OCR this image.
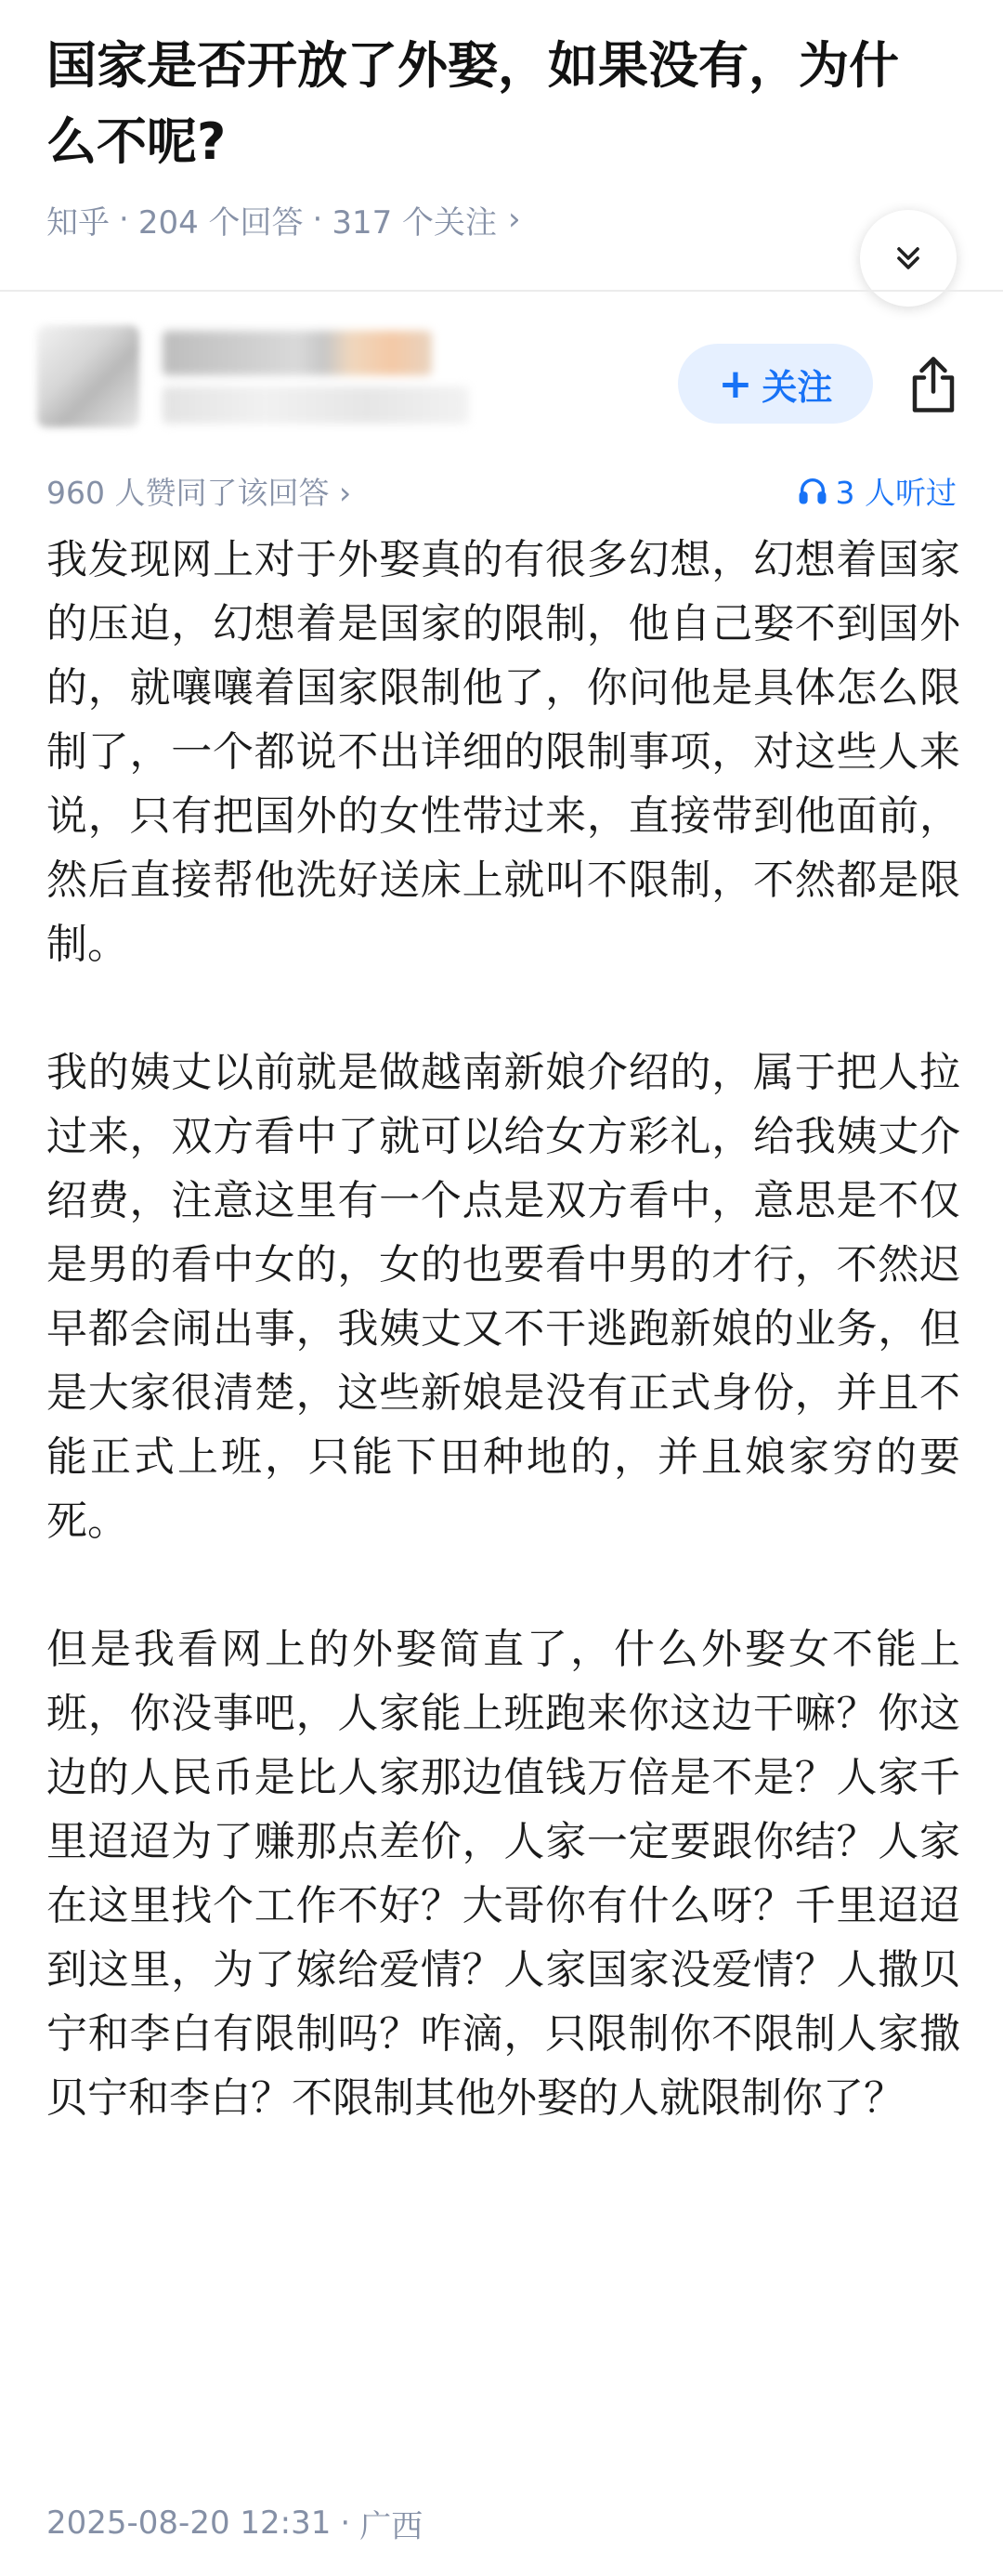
国家是否开放了外娶，如果没有，为什么不呢?
知乎 · 204 个回答 · 317 个关注 ›
+ 关注
960 人赞同了该回答 ›	3 人听过

我发现网上对于外娶真的有很多幻想，幻想着国家的压迫，幻想着是国家的限制，他自己娶不到国外的，就嚷嚷着国家限制他了，你问他是具体怎么限制了，一个都说不出详细的限制事项，对这些人来说，只有把国外的女性带过来，直接带到他面前，然后直接帮他洗好送床上就叫不限制，不然都是限制。

我的姨丈以前就是做越南新娘介绍的，属于把人拉过来，双方看中了就可以给女方彩礼，给我姨丈介绍费，注意这里有一个点是双方看中，意思是不仅是男的看中女的，女的也要看中男的才行，不然迟早都会闹出事，我姨丈又不干逃跑新娘的业务，但是大家很清楚，这些新娘是没有正式身份，并且不能正式上班，只能下田种地的，并且娘家穷的要死。

但是我看网上的外娶简直了，什么外娶女不能上班，你没事吧，人家能上班跑来你这边干嘛？你这边的人民币是比人家那边值钱万倍是不是？人家千里迢迢为了赚那点差价，人家一定要跟你结？人家在这里找个工作不好？大哥你有什么呀？千里迢迢到这里，为了嫁给爱情？人家国家没爱情？人撒贝宁和李白有限制吗？咋滴，只限制你不限制人家撒贝宁和李白？不限制其他外娶的人就限制你了？

2025-08-20 12:31 · 广西
